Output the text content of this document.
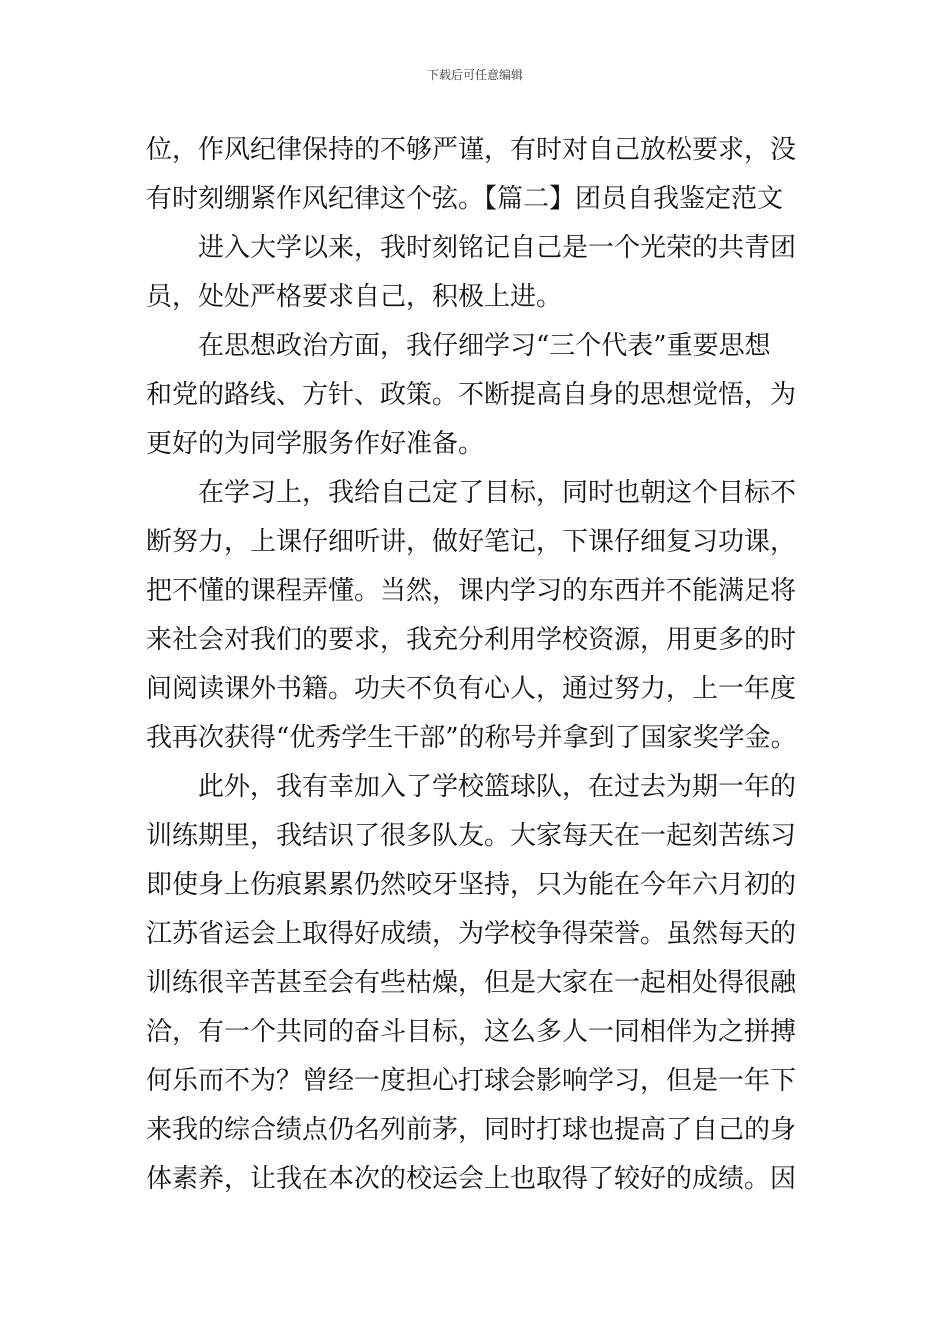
下载后可任意编辑
位，作风纪律保持的不够严谨，有时对自己放松要求，没
有时刻绷紧作风纪律这个弦。【篇二】团员自我鉴定范文
进入大学以来，我时刻铭记自己是一个光荣的共青团
员，处处严格要求自己，积极上进。
在思想政治方面，我仔细学习“三个代表”重要思想
和党的路线、方针、政策。不断提高自身的思想觉悟，为
更好的为同学服务作好准备。
在学习上，我给自己定了目标，同时也朝这个目标不
断努力，上课仔细听讲，做好笔记，下课仔细复习功课，
把不懂的课程弄懂。当然，课内学习的东西并不能满足将
来社会对我们的要求，我充分利用学校资源，用更多的时
间阅读课外书籍。功夫不负有心人，通过努力，上一年度
我再次获得“优秀学生干部”的称号并拿到了国家奖学金。
此外，我有幸加入了学校篮球队，在过去为期一年的
训练期里，我结识了很多队友。大家每天在一起刻苦练习
即使身上伤痕累累仍然咬牙坚持，只为能在今年六月初的
江苏省运会上取得好成绩，为学校争得荣誉。虽然每天的
训练很辛苦甚至会有些枯燥，但是大家在一起相处得很融
洽，有一个共同的奋斗目标，这么多人一同相伴为之拼搏
何乐而不为？曾经一度担心打球会影响学习，但是一年下
来我的综合绩点仍名列前茅，同时打球也提高了自己的身
体素养，让我在本次的校运会上也取得了较好的成绩。因
